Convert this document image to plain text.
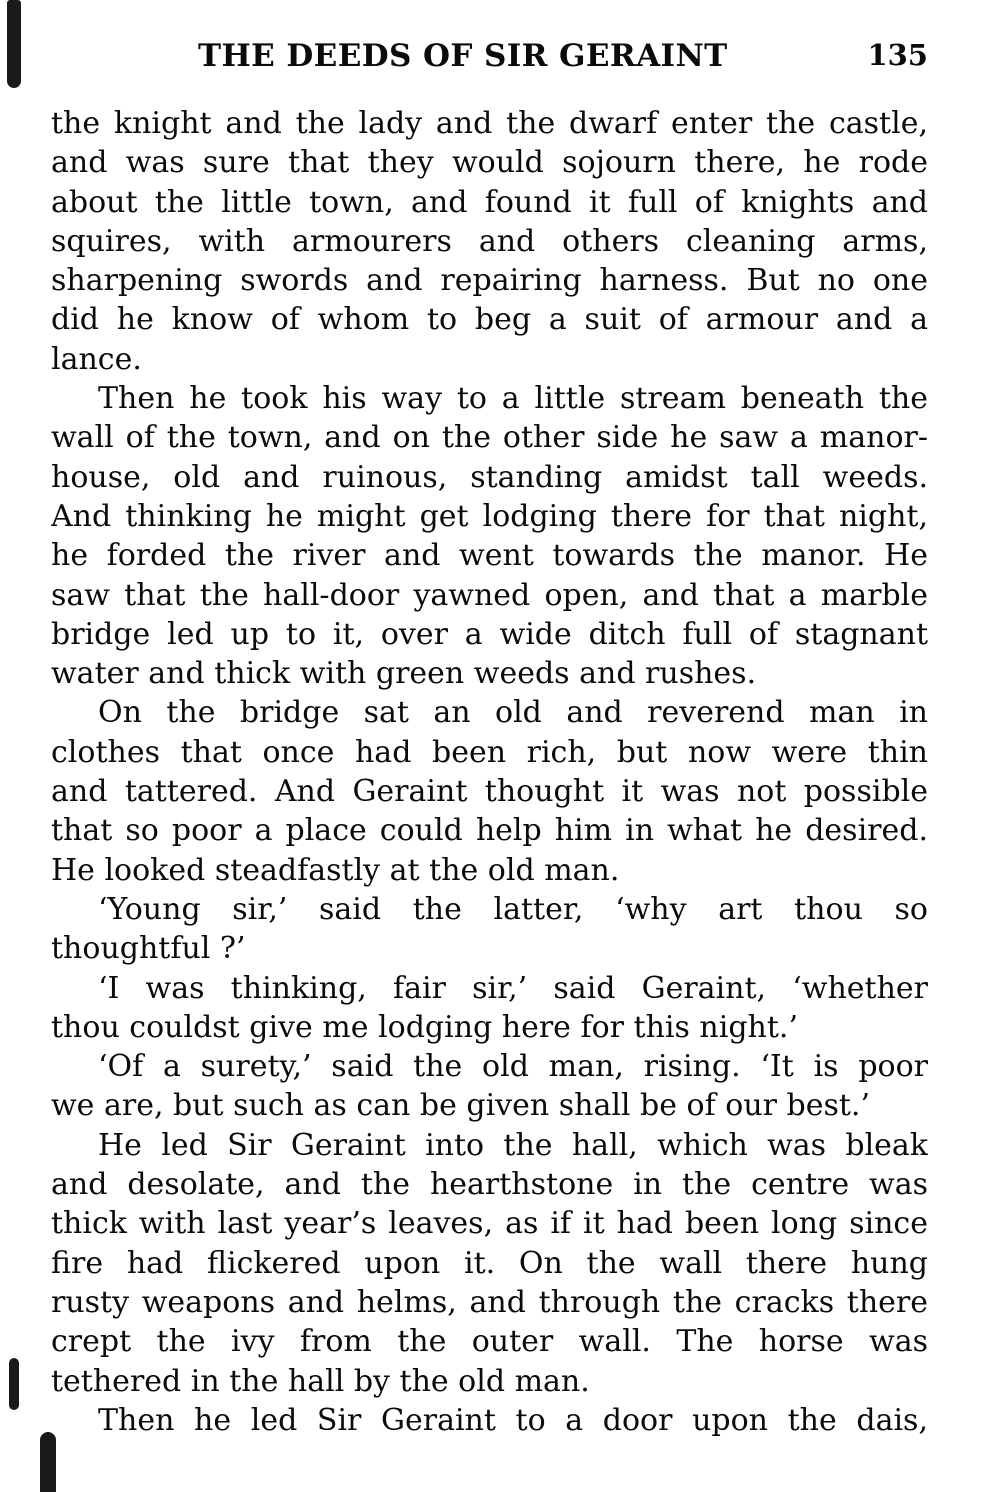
THE DEEDS OF SIR GERAINT	135
the knight and the lady and the dwarf enter the castle,
and was sure that they would sojourn there, he rode
about the little town, and found it full of knights and
squires, with armourers and others cleaning arms,
sharpening swords and repairing harness. But no one
did he know of whom to beg a suit of armour and a
lance.
Then he took his way to a little stream beneath the
wall of the town, and on the other side he saw a manor-
house, old and ruinous, standing amidst tall weeds.
And thinking he might get lodging there for that night,
he forded the river and went towards the manor. He
saw that the hall-door yawned open, and that a marble
bridge led up to it, over a wide ditch full of stagnant
water and thick with green weeds and rushes.
On the bridge sat an old and reverend man in
clothes that once had been rich, but now were thin
and tattered. And Geraint thought it was not possible
that so poor a place could help him in what he desired.
He looked steadfastly at the old man.
‘Young sir,’ said the latter, ‘why art thou so
thoughtful ?’
‘I was thinking, fair sir,’ said Geraint, ‘whether
thou couldst give me lodging here for this night.’
‘Of a surety,’ said the old man, rising. ‘It is poor
we are, but such as can be given shall be of our best.’
He led Sir Geraint into the hall, which was bleak
and desolate, and the hearthstone in the centre was
thick with last year’s leaves, as if it had been long since
fire had flickered upon it. On the wall there hung
rusty weapons and helms, and through the cracks there
crept the ivy from the outer wall. The horse was
tethered in the hall by the old man.
Then he led Sir Geraint to a door upon the dais,
